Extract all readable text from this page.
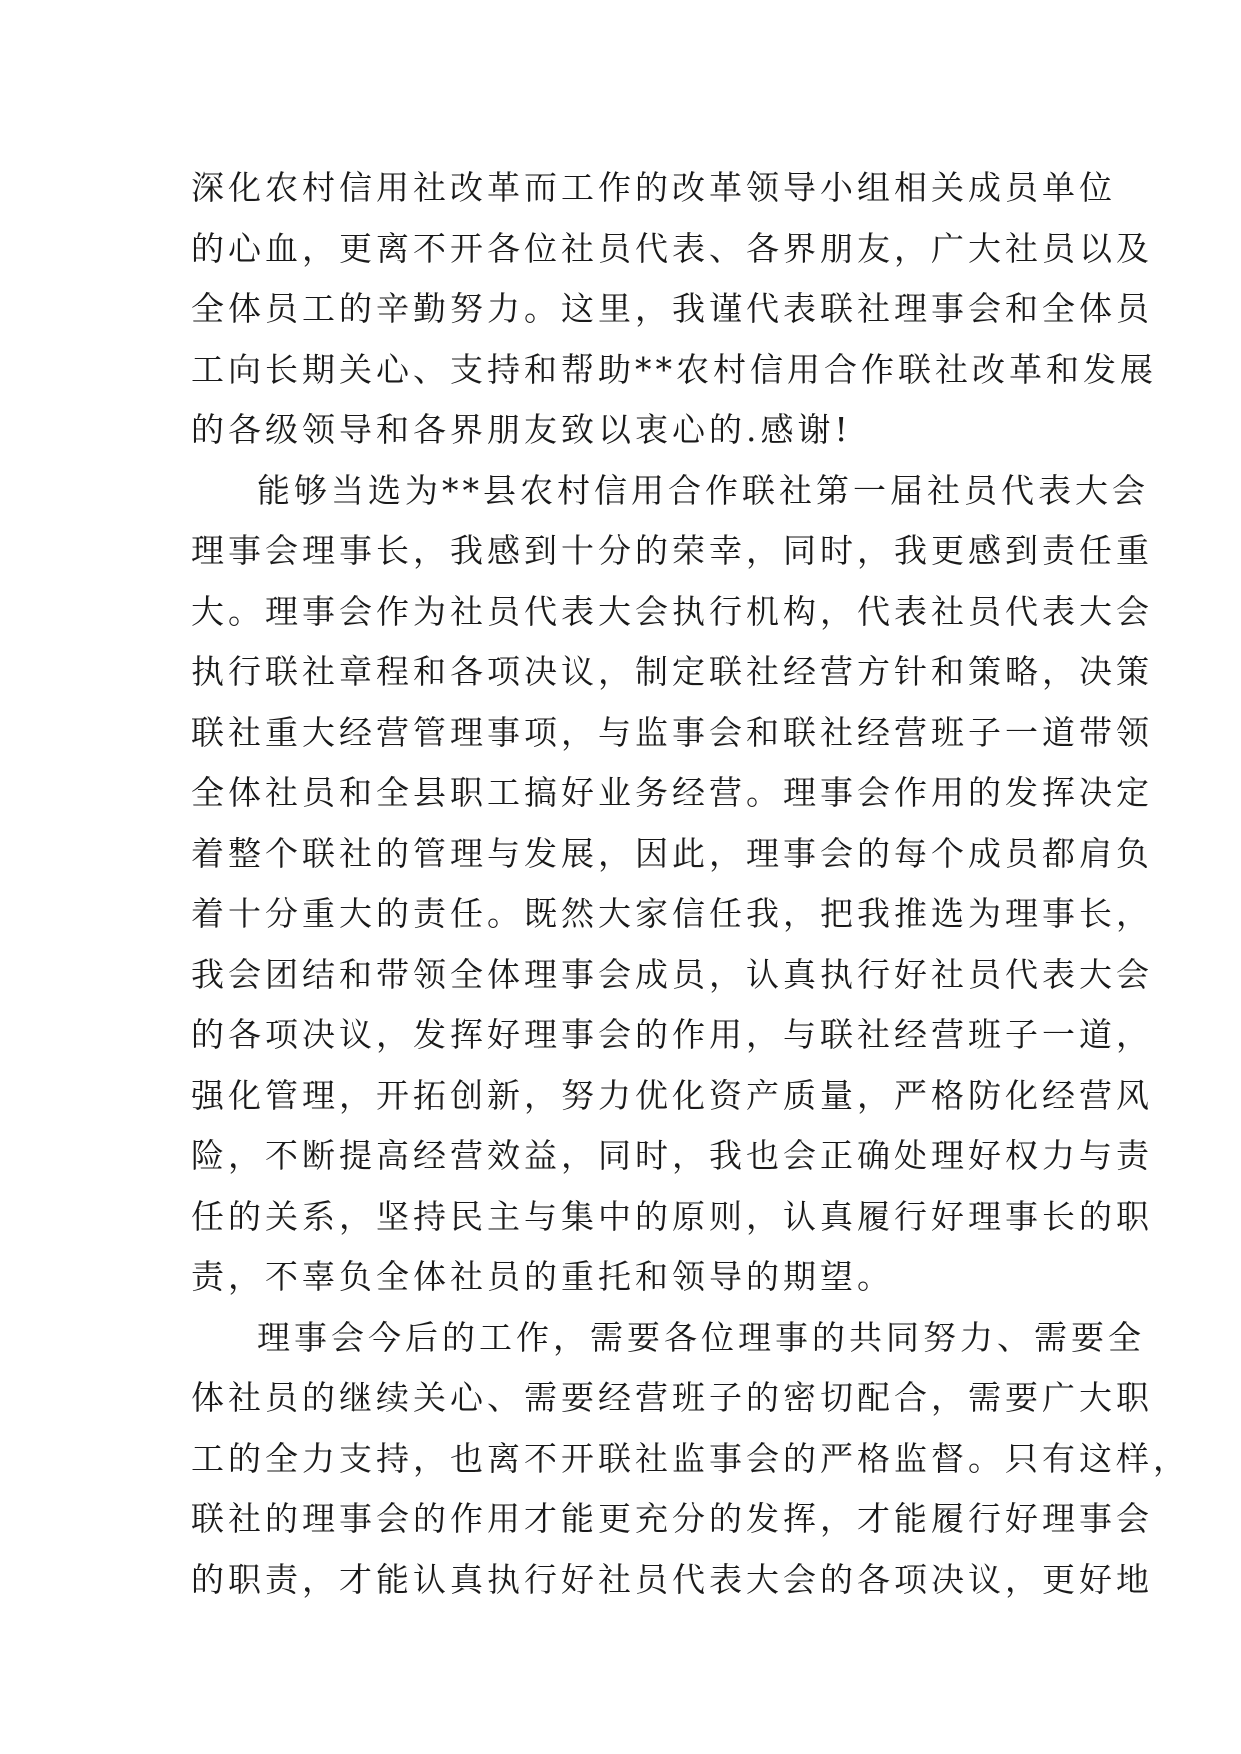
深化农村信用社改革而工作的改革领导小组相关成员单位
的心血，更离不开各位社员代表、各界朋友，广大社员以及
全体员工的辛勤努力。这里，我谨代表联社理事会和全体员
工向长期关心、支持和帮助**农村信用合作联社改革和发展
的各级领导和各界朋友致以衷心的.感谢!
能够当选为**县农村信用合作联社第一届社员代表大会
理事会理事长，我感到十分的荣幸，同时，我更感到责任重
大。理事会作为社员代表大会执行机构，代表社员代表大会
执行联社章程和各项决议，制定联社经营方针和策略，决策
联社重大经营管理事项，与监事会和联社经营班子一道带领
全体社员和全县职工搞好业务经营。理事会作用的发挥决定
着整个联社的管理与发展，因此，理事会的每个成员都肩负
着十分重大的责任。既然大家信任我，把我推选为理事长，
我会团结和带领全体理事会成员，认真执行好社员代表大会
的各项决议，发挥好理事会的作用，与联社经营班子一道，
强化管理，开拓创新，努力优化资产质量，严格防化经营风
险，不断提高经营效益，同时，我也会正确处理好权力与责
任的关系，坚持民主与集中的原则，认真履行好理事长的职
责，不辜负全体社员的重托和领导的期望。
理事会今后的工作，需要各位理事的共同努力、需要全
体社员的继续关心、需要经营班子的密切配合，需要广大职
工的全力支持，也离不开联社监事会的严格监督。只有这样，
联社的理事会的作用才能更充分的发挥，才能履行好理事会
的职责，才能认真执行好社员代表大会的各项决议，更好地
